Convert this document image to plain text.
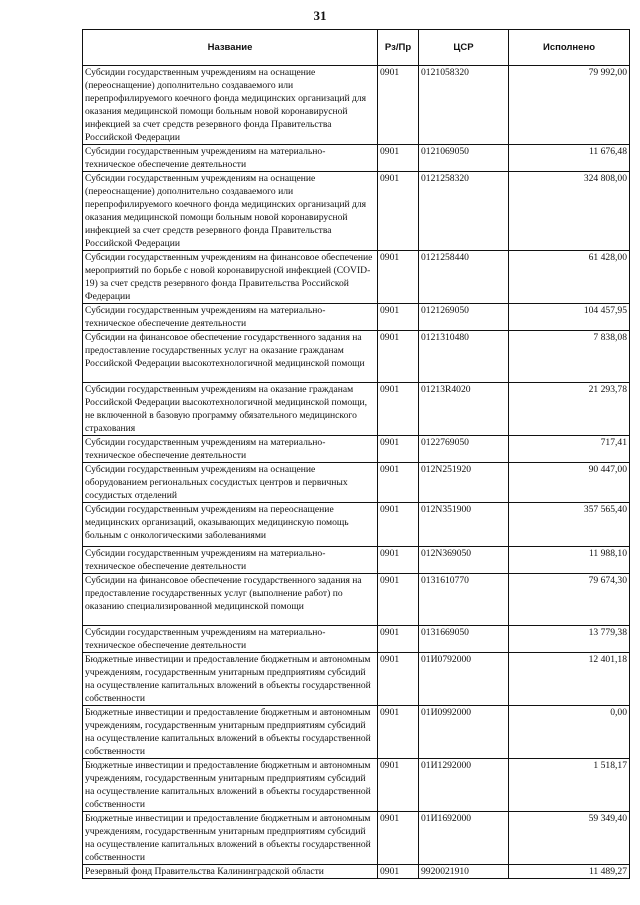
31
Название	Рз/Пр	ЦСР	Исполнено
Субсидии государственным учреждениям на оснащение (переоснащение) дополнительно создаваемого или перепрофилируемого коечного фонда медицинских организаций для оказания медицинской помощи больным новой коронавирусной инфекцией за счет средств резервного фонда Правительства Российской Федерации	0901	0121058320	79 992,00
Субсидии государственным учреждениям на материально-техническое обеспечение деятельности	0901	0121069050	11 676,48
Субсидии государственным учреждениям на оснащение (переоснащение) дополнительно создаваемого или перепрофилируемого коечного фонда медицинских организаций для оказания медицинской помощи больным новой коронавирусной инфекцией за счет средств резервного фонда Правительства Российской Федерации	0901	0121258320	324 808,00
Субсидии государственным учреждениям на финансовое обеспечение мероприятий по борьбе с новой коронавирусной инфекцией (COVID-19) за счет средств резервного фонда Правительства Российской Федерации	0901	0121258440	61 428,00
Субсидии государственным учреждениям на материально-техническое обеспечение деятельности	0901	0121269050	104 457,95
Субсидии на финансовое обеспечение государственного задания на предоставление государственных услуг на оказание гражданам Российской Федерации высокотехнологичной медицинской помощи	0901	0121310480	7 838,08
Субсидии государственным учреждениям на оказание гражданам Российской Федерации высокотехнологичной медицинской помощи, не включенной в базовую программу обязательного медицинского страхования	0901	01213R4020	21 293,78
Субсидии государственным учреждениям на материально-техническое обеспечение деятельности	0901	0122769050	717,41
Субсидии государственным учреждениям на оснащение оборудованием региональных сосудистых центров и первичных сосудистых отделений	0901	012N251920	90 447,00
Субсидии государственным учреждениям на переоснащение медицинских организаций, оказывающих медицинскую помощь больным с онкологическими заболеваниями	0901	012N351900	357 565,40
Субсидии государственным учреждениям на материально-техническое обеспечение деятельности	0901	012N369050	11 988,10
Субсидии на финансовое обеспечение государственного задания на предоставление государственных услуг (выполнение работ) по оказанию специализированной медицинской помощи	0901	0131610770	79 674,30
Субсидии государственным учреждениям на материально-техническое обеспечение деятельности	0901	0131669050	13 779,38
Бюджетные инвестиции и предоставление бюджетным и автономным учреждениям, государственным унитарным предприятиям субсидий на осуществление капитальных вложений в объекты государственной собственности	0901	01И0792000	12 401,18
Бюджетные инвестиции и предоставление бюджетным и автономным учреждениям, государственным унитарным предприятиям субсидий на осуществление капитальных вложений в объекты государственной собственности	0901	01И0992000	0,00
Бюджетные инвестиции и предоставление бюджетным и автономным учреждениям, государственным унитарным предприятиям субсидий на осуществление капитальных вложений в объекты государственной собственности	0901	01И1292000	1 518,17
Бюджетные инвестиции и предоставление бюджетным и автономным учреждениям, государственным унитарным предприятиям субсидий на осуществление капитальных вложений в объекты государственной собственности	0901	01И1692000	59 349,40
Резервный фонд Правительства Калининградской области	0901	9920021910	11 489,27
